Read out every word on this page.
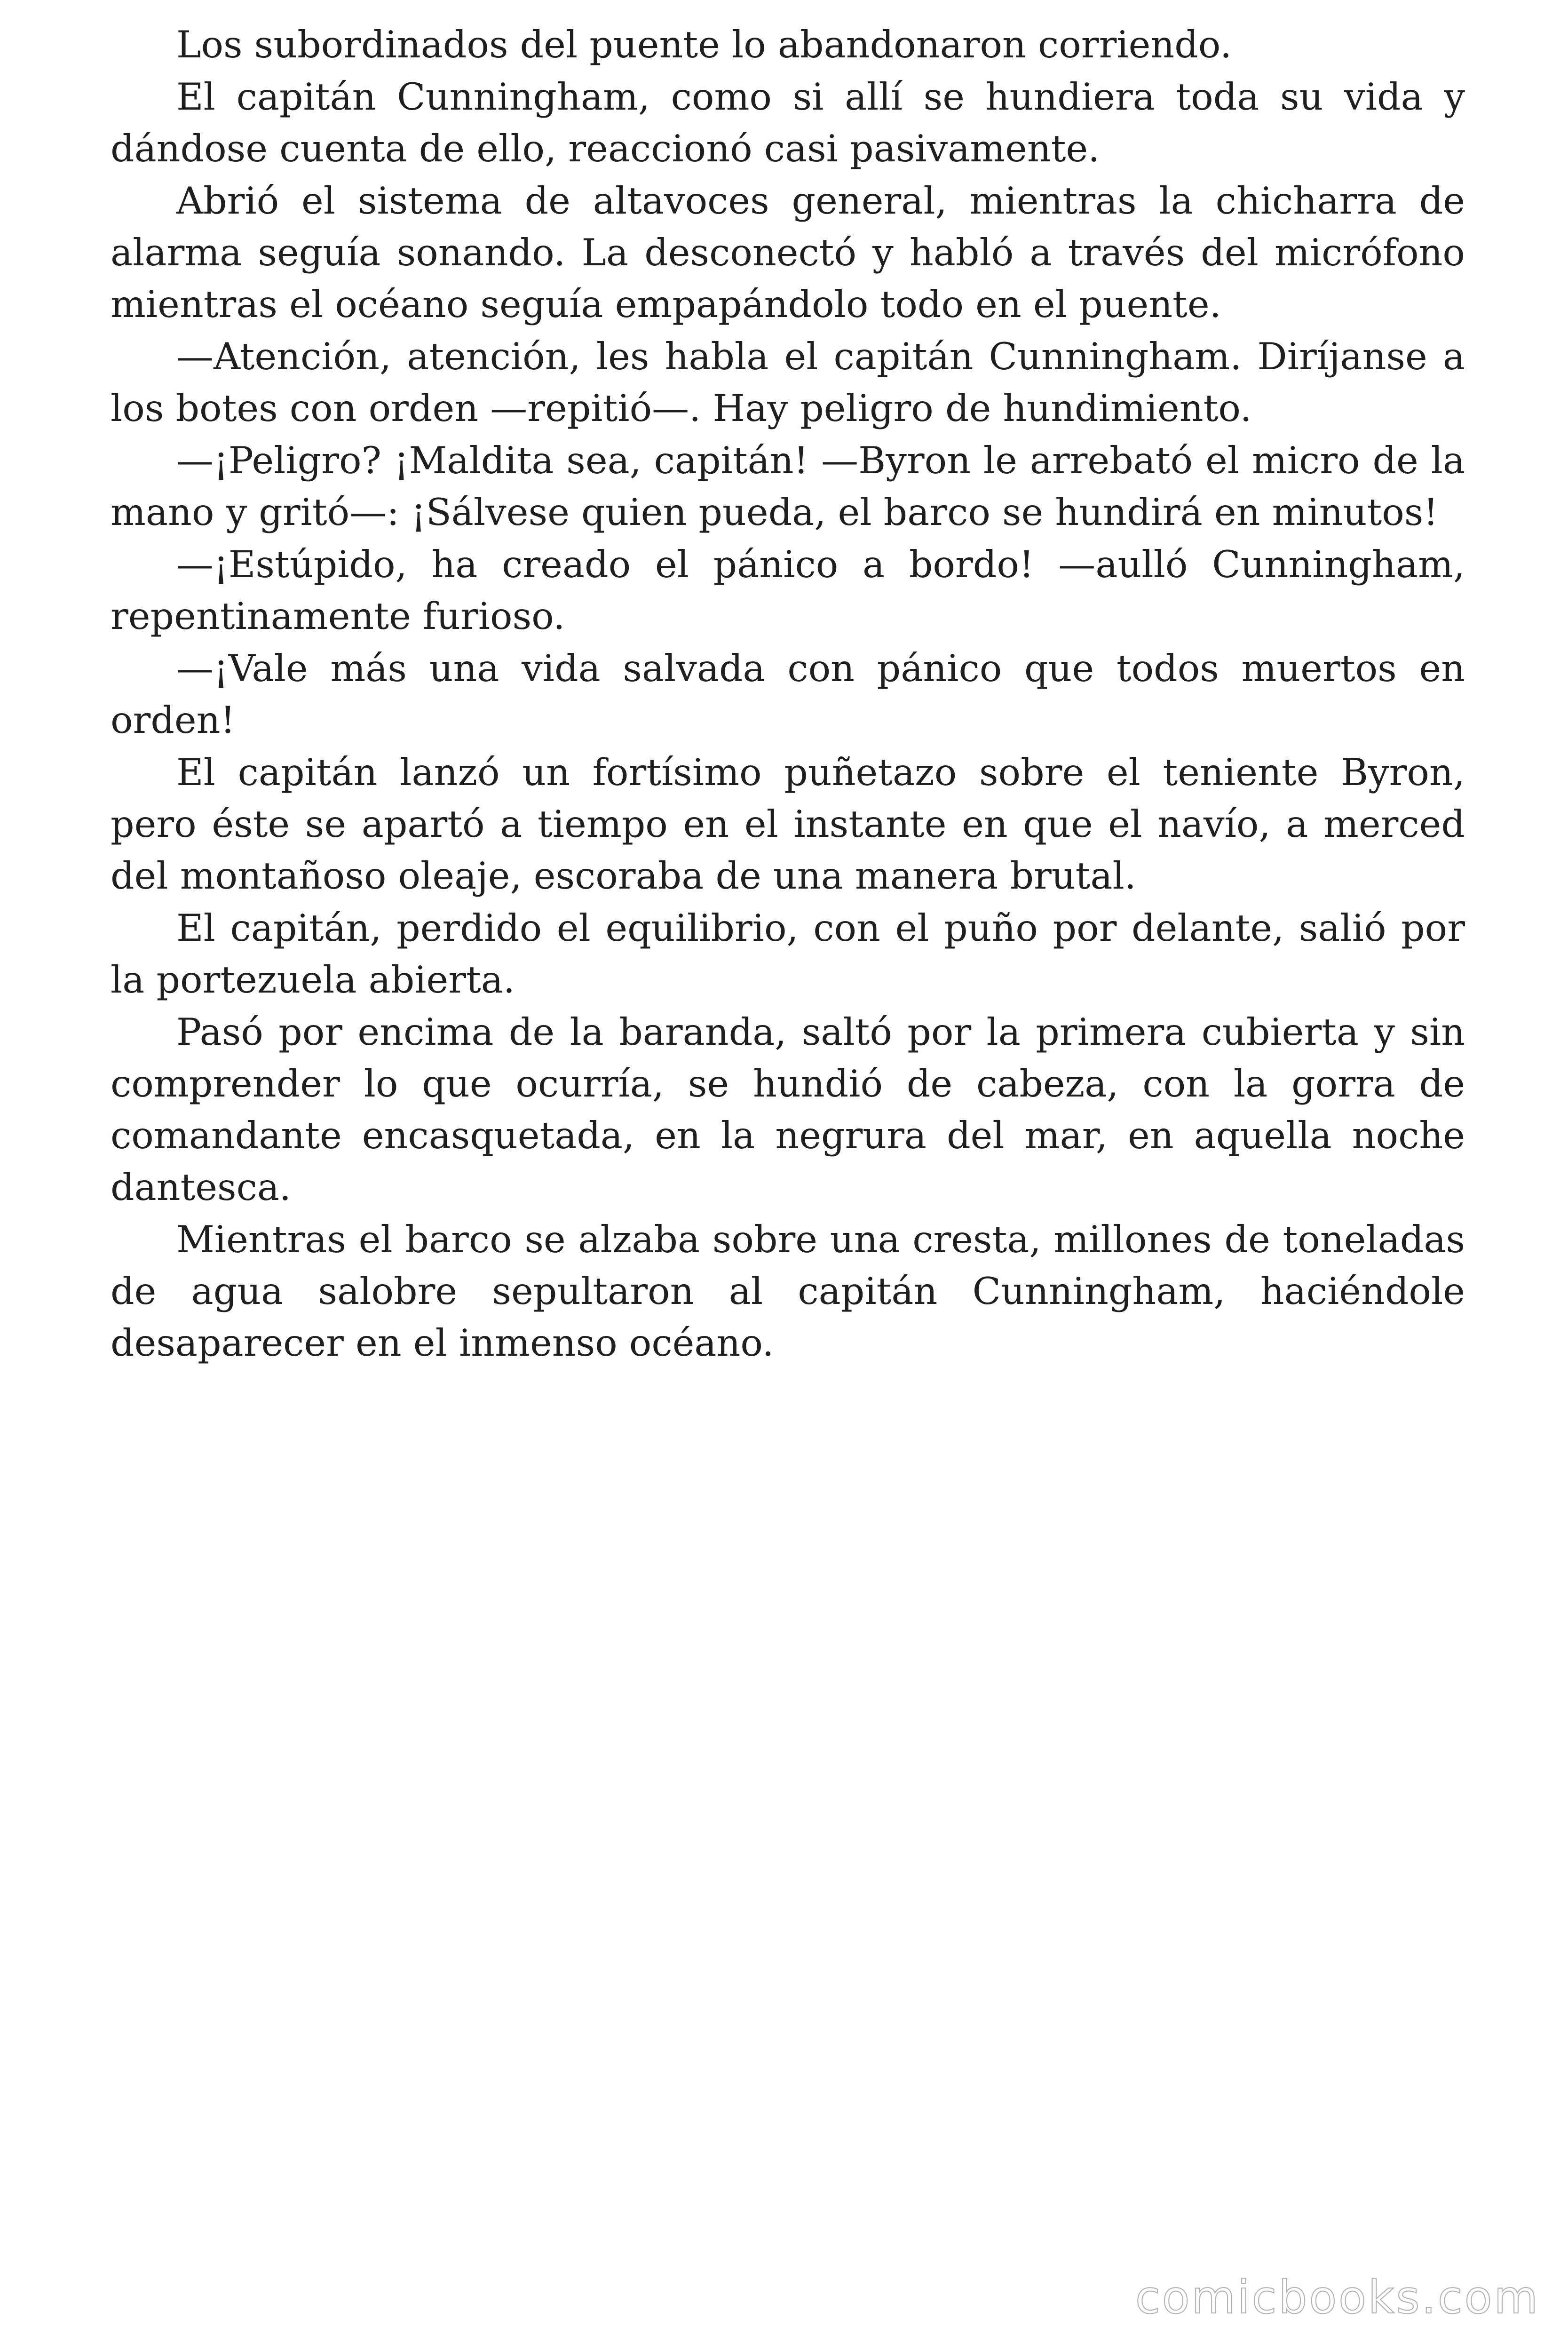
Los subordinados del puente lo abandonaron corriendo.

El capitán Cunningham, como si allí se hundiera toda su vida y dándose cuenta de ello, reaccionó casi pasivamente.

Abrió el sistema de altavoces general, mientras la chicharra de alarma seguía sonando. La desconectó y habló a través del micrófono mientras el océano seguía empapándolo todo en el puente.

—Atención, atención, les habla el capitán Cunningham. Diríjanse a los botes con orden —repitió—. Hay peligro de hundimiento.

—¡Peligro? ¡Maldita sea, capitán! —Byron le arrebató el micro de la mano y gritó—: ¡Sálvese quien pueda, el barco se hundirá en minutos!

—¡Estúpido, ha creado el pánico a bordo! —aulló Cunningham, repentinamente furioso.

—¡Vale más una vida salvada con pánico que todos muertos en orden!

El capitán lanzó un fortísimo puñetazo sobre el teniente Byron, pero éste se apartó a tiempo en el instante en que el navío, a merced del montañoso oleaje, escoraba de una manera brutal.

El capitán, perdido el equilibrio, con el puño por delante, salió por la portezuela abierta.

Pasó por encima de la baranda, saltó por la primera cubierta y sin comprender lo que ocurría, se hundió de cabeza, con la gorra de comandante encasquetada, en la negrura del mar, en aquella noche dantesca.

Mientras el barco se alzaba sobre una cresta, millones de toneladas de agua salobre sepultaron al capitán Cunningham, haciéndole desaparecer en el inmenso océano.

comicbooks.com
